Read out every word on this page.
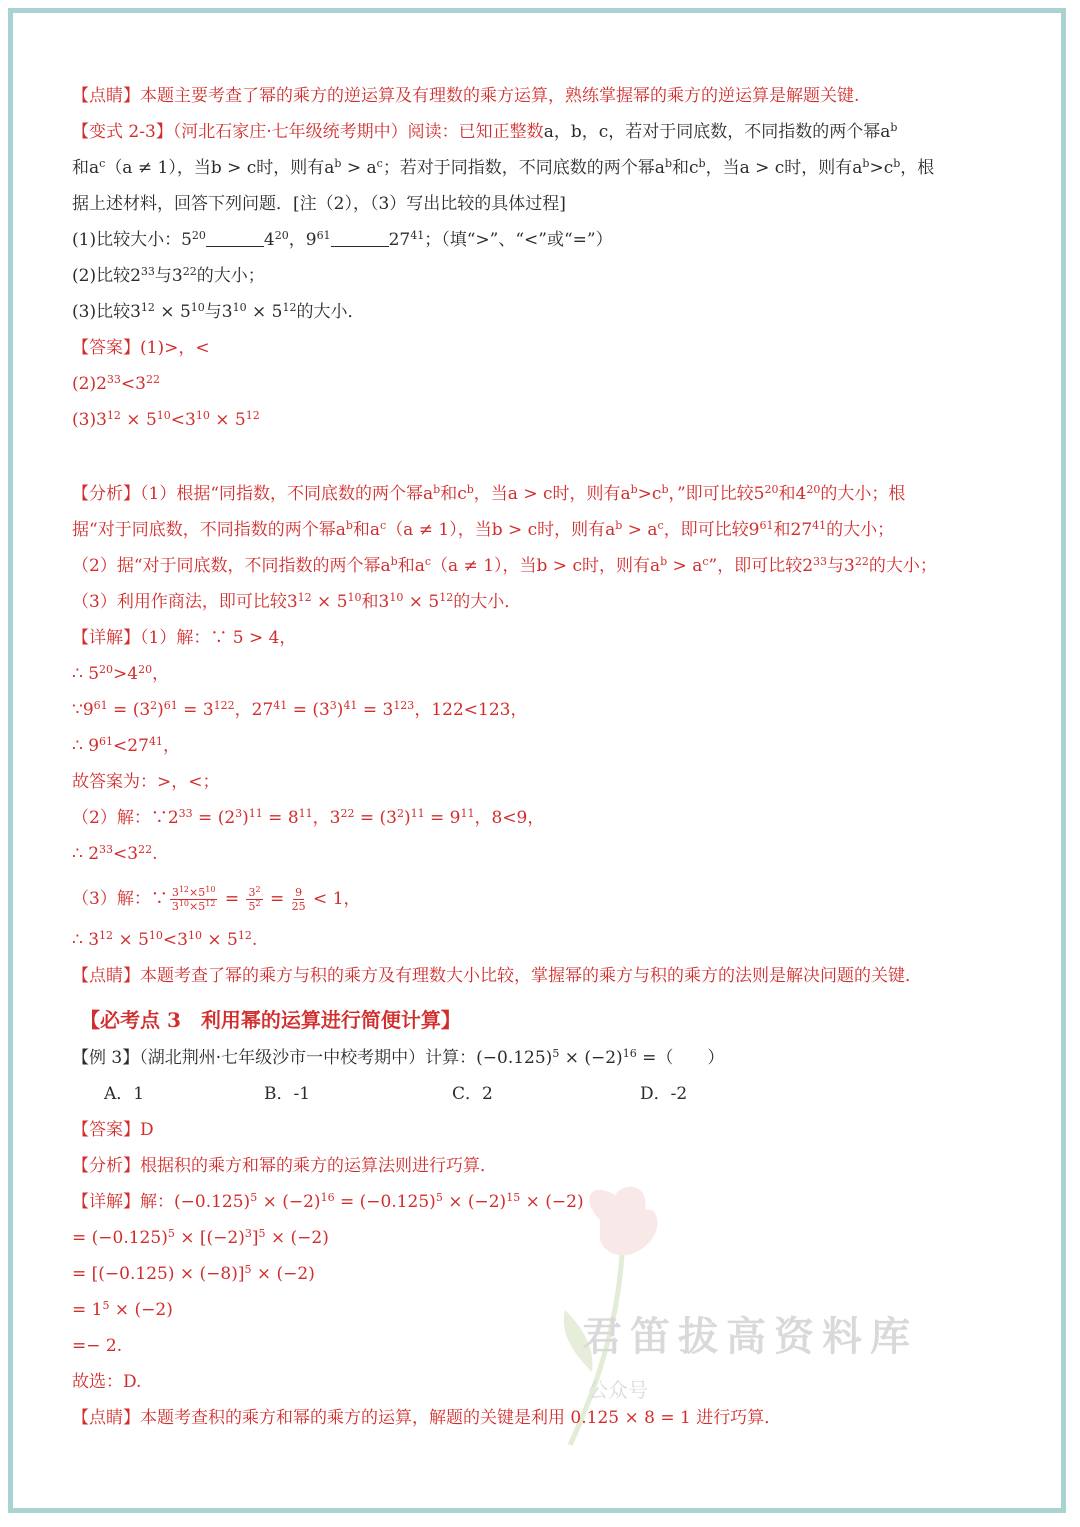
君笛拔高资料库
公众号
【点睛】本题主要考查了幂的乘方的逆运算及有理数的乘方运算，熟练掌握幂的乘方的逆运算是解题关键.
【变式 2-3】（河北石家庄·七年级统考期中）阅读：已知正整数a，b，c，若对于同底数，不同指数的两个幂$a^b$
和$a^c(a \ne 1)$，当b > c时，则有$a^b > a^c$；若对于同指数，不同底数的两个幂$a^b$和$c^b$，当a > c时，则有$a^b>c^b$，根
据上述材料，回答下列问题．[注（2），（3）写出比较的具体过程]
(1)比较大小：$5^{20}$	$4^{20}$，$9^{61}$	$27^{41}$；（填“>”、“<”或“=”）
(2)比较$2^{33}$与$3^{22}$的大小；
(3)比较$3^{12} \times 5^{10}$与$3^{10} \times 5^{12}$的大小．
【答案】(1)>，<
$(2)2^{33}<3^{22}$
$(3)3^{12} \times 5^{10}<3^{10} \times 5^{12}$
【分析】（1）根据“同指数，不同底数的两个幂$a^b$和$c^b$，当a > c时，则有$a^b>c^b$，”即可比较$5^{20}$和$4^{20}$的大小；根
据“对于同底数，不同指数的两个幂$a^b$和$a^c(a \ne 1)$，当b > c时，则有$a^b > a^c$，即可比较$9^{61}$和$27^{41}$的大小；
（2）据“对于同底数，不同指数的两个幂$a^b$和$a^c(a \ne 1)$，当b > c时，则有$a^b > a^c$”，即可比较$2^{33}$与$3^{22}$的大小；
（3）利用作商法，即可比较$3^{12} \times 5^{10}$和$3^{10} \times 5^{12}$的大小．
【详解】（1）解：∵ 5 > 4，
∴ $5^{20}>4^{20}$，
$\because 9^{61} = (3^2)^{61} = 3^{122}$，$27^{41} = (3^3)^{41} = 3^{123}$，122<123，
∴ $9^{61}<27^{41}$，
故答案为：>，<；
（2）解：$\because 2^{33} = (2^3)^{11} = 8^{11}$，$3^{22} = (3^2)^{11} = 9^{11}$，8<9，
∴ $2^{33}<3^{22}$.
（3）解：∵ $\frac{3^{12}\times 5^{10}}{3^{10}\times 5^{12}} = \frac{3^2}{5^2} = \frac{9}{25} < 1$，
∴ $3^{12} \times 5^{10}<3^{10} \times 5^{12}$.
【点睛】本题考查了幂的乘方与积的乘方及有理数大小比较，掌握幂的乘方与积的乘方的法则是解决问题的关键．
【必考点 3　利用幂的运算进行简便计算】
【例 3】（湖北荆州·七年级沙市一中校考期中）计算：$(-0.125)^5 \times (-2)^{16}$ =（　　）
A．1	B．-1	C．2	D．-2
【答案】D
【分析】根据积的乘方和幂的乘方的运算法则进行巧算．
【详解】解：$(-0.125)^5 \times (-2)^{16} = (-0.125)^5 \times (-2)^{15} \times (-2)$
= $(-0.125)^5 \times [(-2)^3]^5 \times (-2)$
= $[(-0.125) \times (-8)]^5 \times (-2)$
= $1^5 \times (-2)$
=− 2.
故选：D.
【点睛】本题考查积的乘方和幂的乘方的运算，解题的关键是利用 0.125 × 8 = 1 进行巧算．
